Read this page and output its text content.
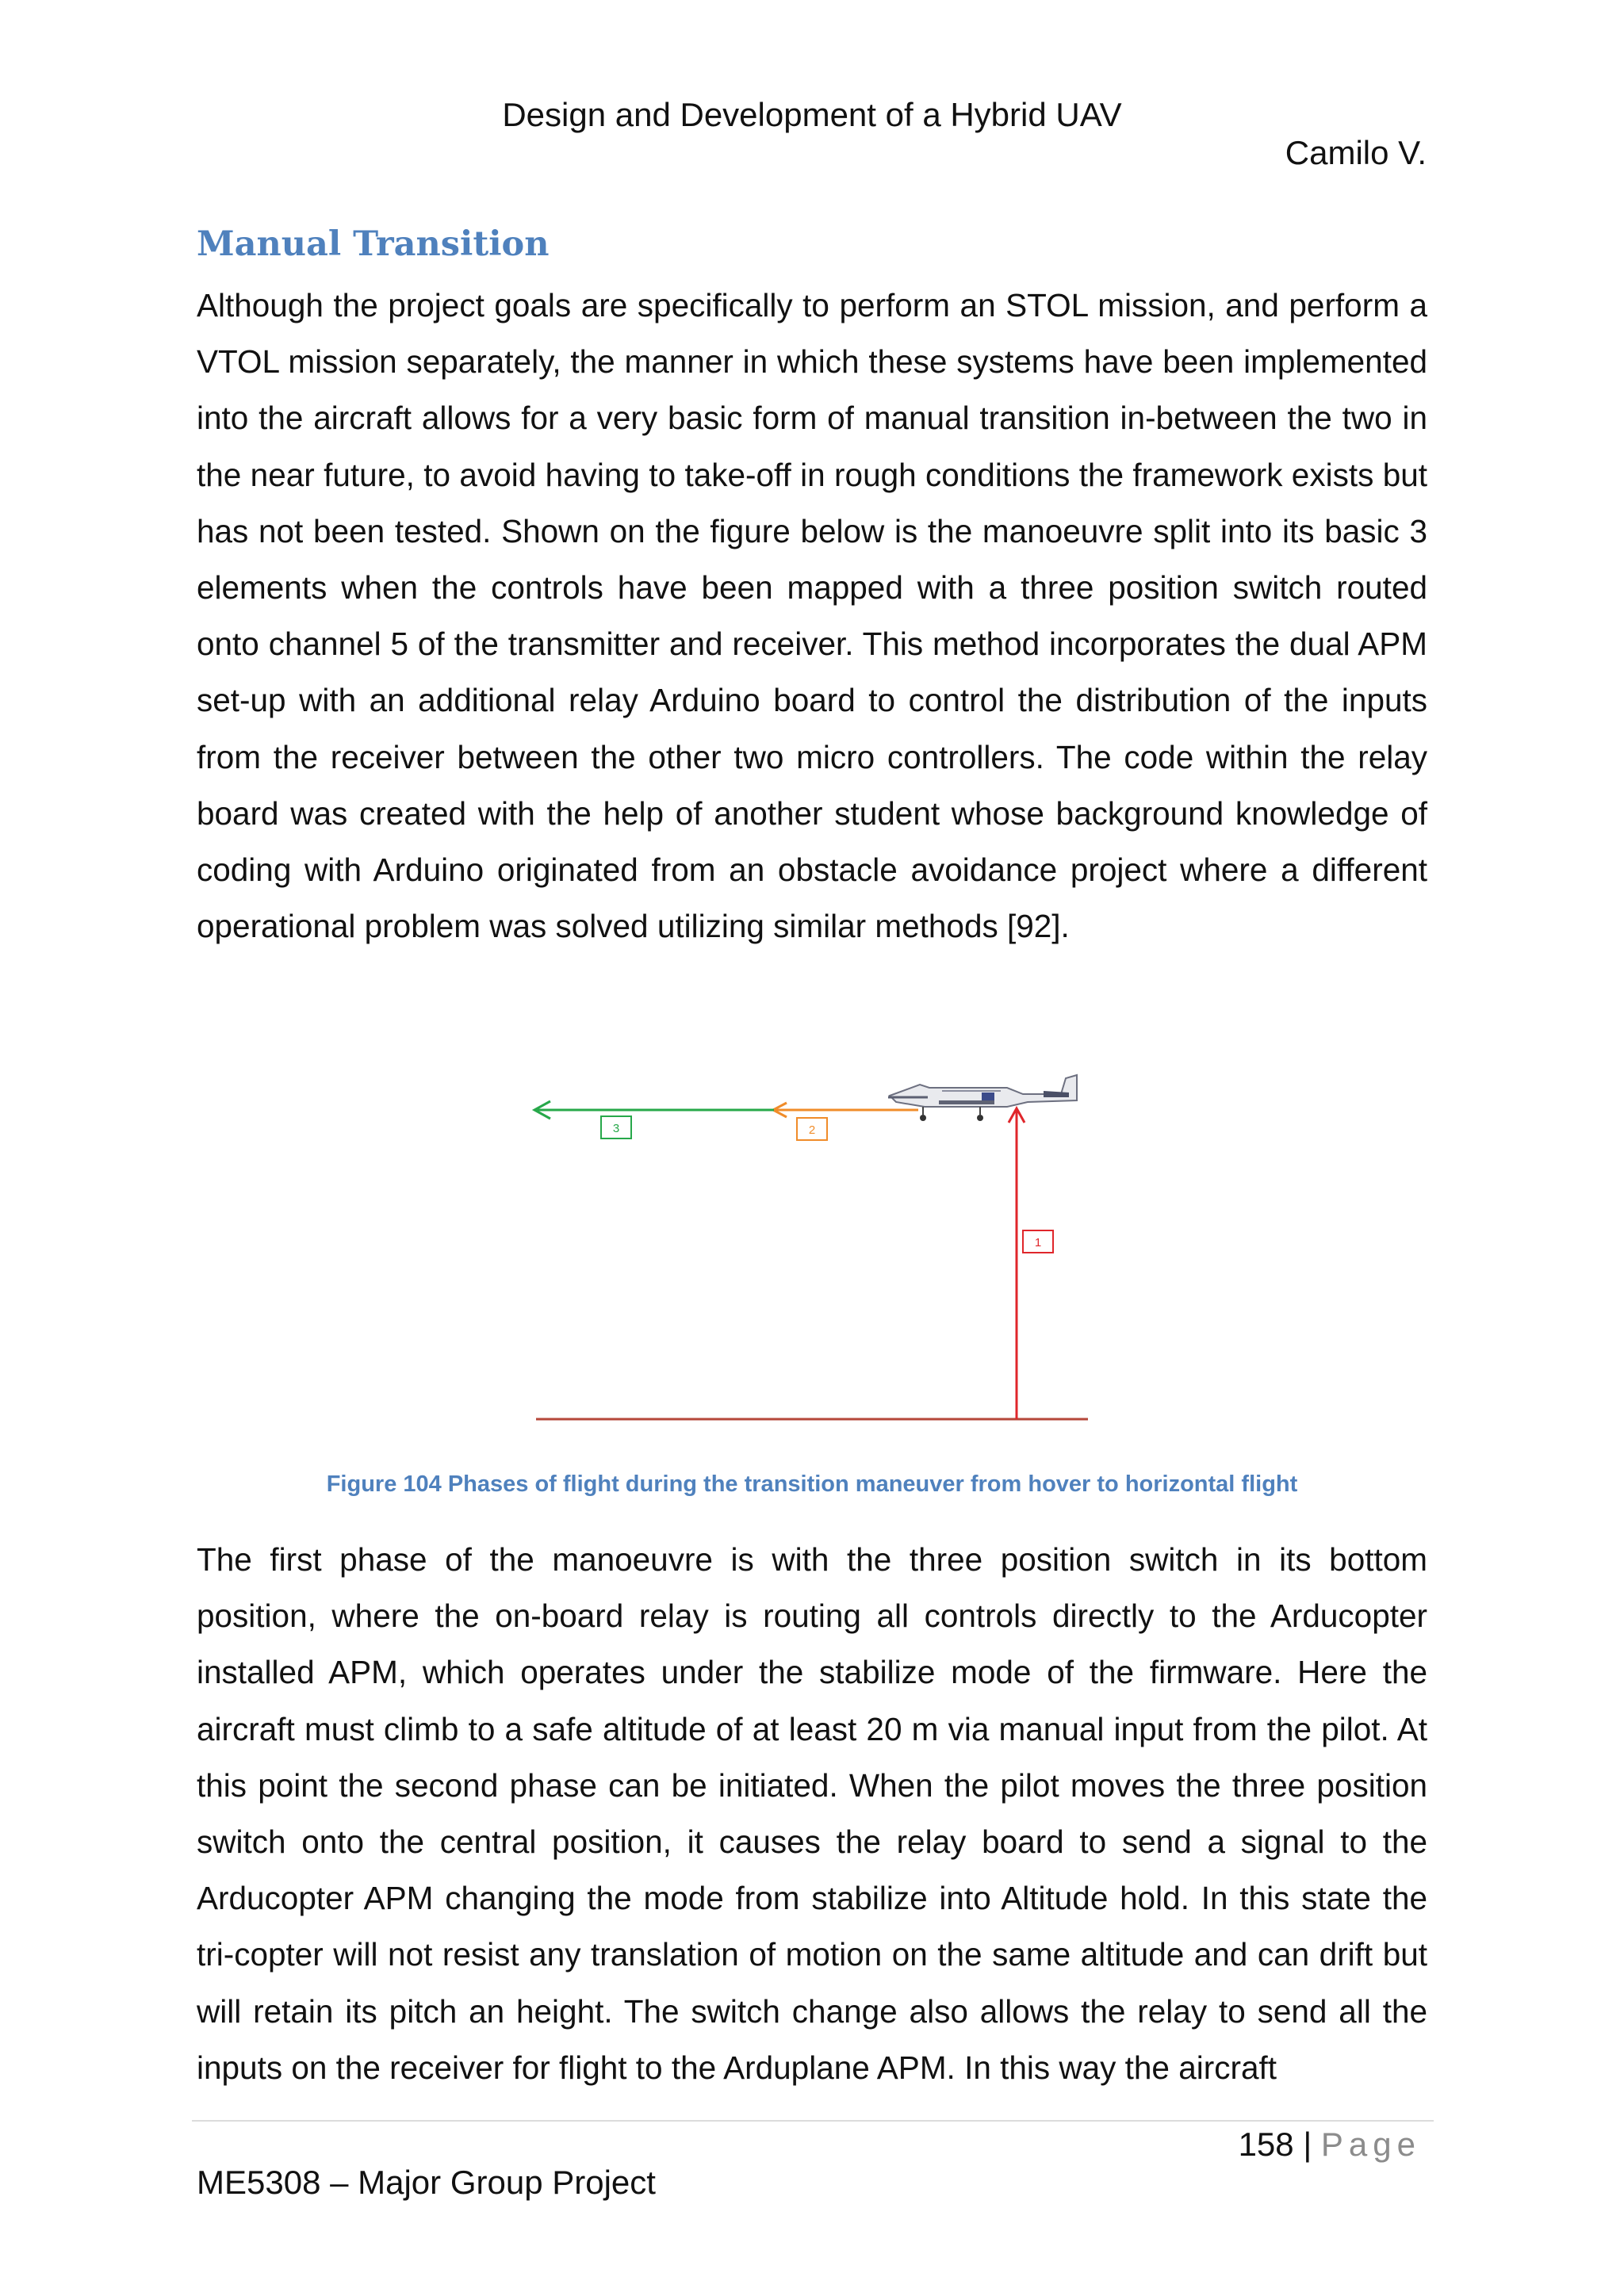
Design and Development of a Hybrid UAV
Camilo V.
Manual Transition

Although the project goals are specifically to perform an STOL mission, and perform a VTOL mission separately, the manner in which these systems have been implemented into the aircraft allows for a very basic form of manual transition in-between the two in the near future, to avoid having to take-off in rough conditions the framework exists but has not been tested. Shown on the figure below is the manoeuvre split into its basic 3 elements when the controls have been mapped with a three position switch routed onto channel 5 of the transmitter and receiver. This method incorporates the dual APM set-up with an additional relay Arduino board to control the distribution of the inputs from the receiver between the other two micro controllers. The code within the relay board was created with the help of another student whose background knowledge of coding with Arduino originated from an obstacle avoidance project where a different operational problem was solved utilizing similar methods [92].

1
2
3
Figure 104 Phases of flight during the transition maneuver from hover to horizontal flight

The first phase of the manoeuvre is with the three position switch in its bottom position, where the on-board relay is routing all controls directly to the Arducopter installed APM, which operates under the stabilize mode of the firmware. Here the aircraft must climb to a safe altitude of at least 20 m via manual input from the pilot. At this point the second phase can be initiated. When the pilot moves the three position switch onto the central position, it causes the relay board to send a signal to the Arducopter APM changing the mode from stabilize into Altitude hold. In this state the tri-copter will not resist any translation of motion on the same altitude and can drift but will retain its pitch an height. The switch change also allows the relay to send all the inputs on the receiver for flight to the Arduplane APM. In this way the aircraft

158 | Page
ME5308 – Major Group Project
